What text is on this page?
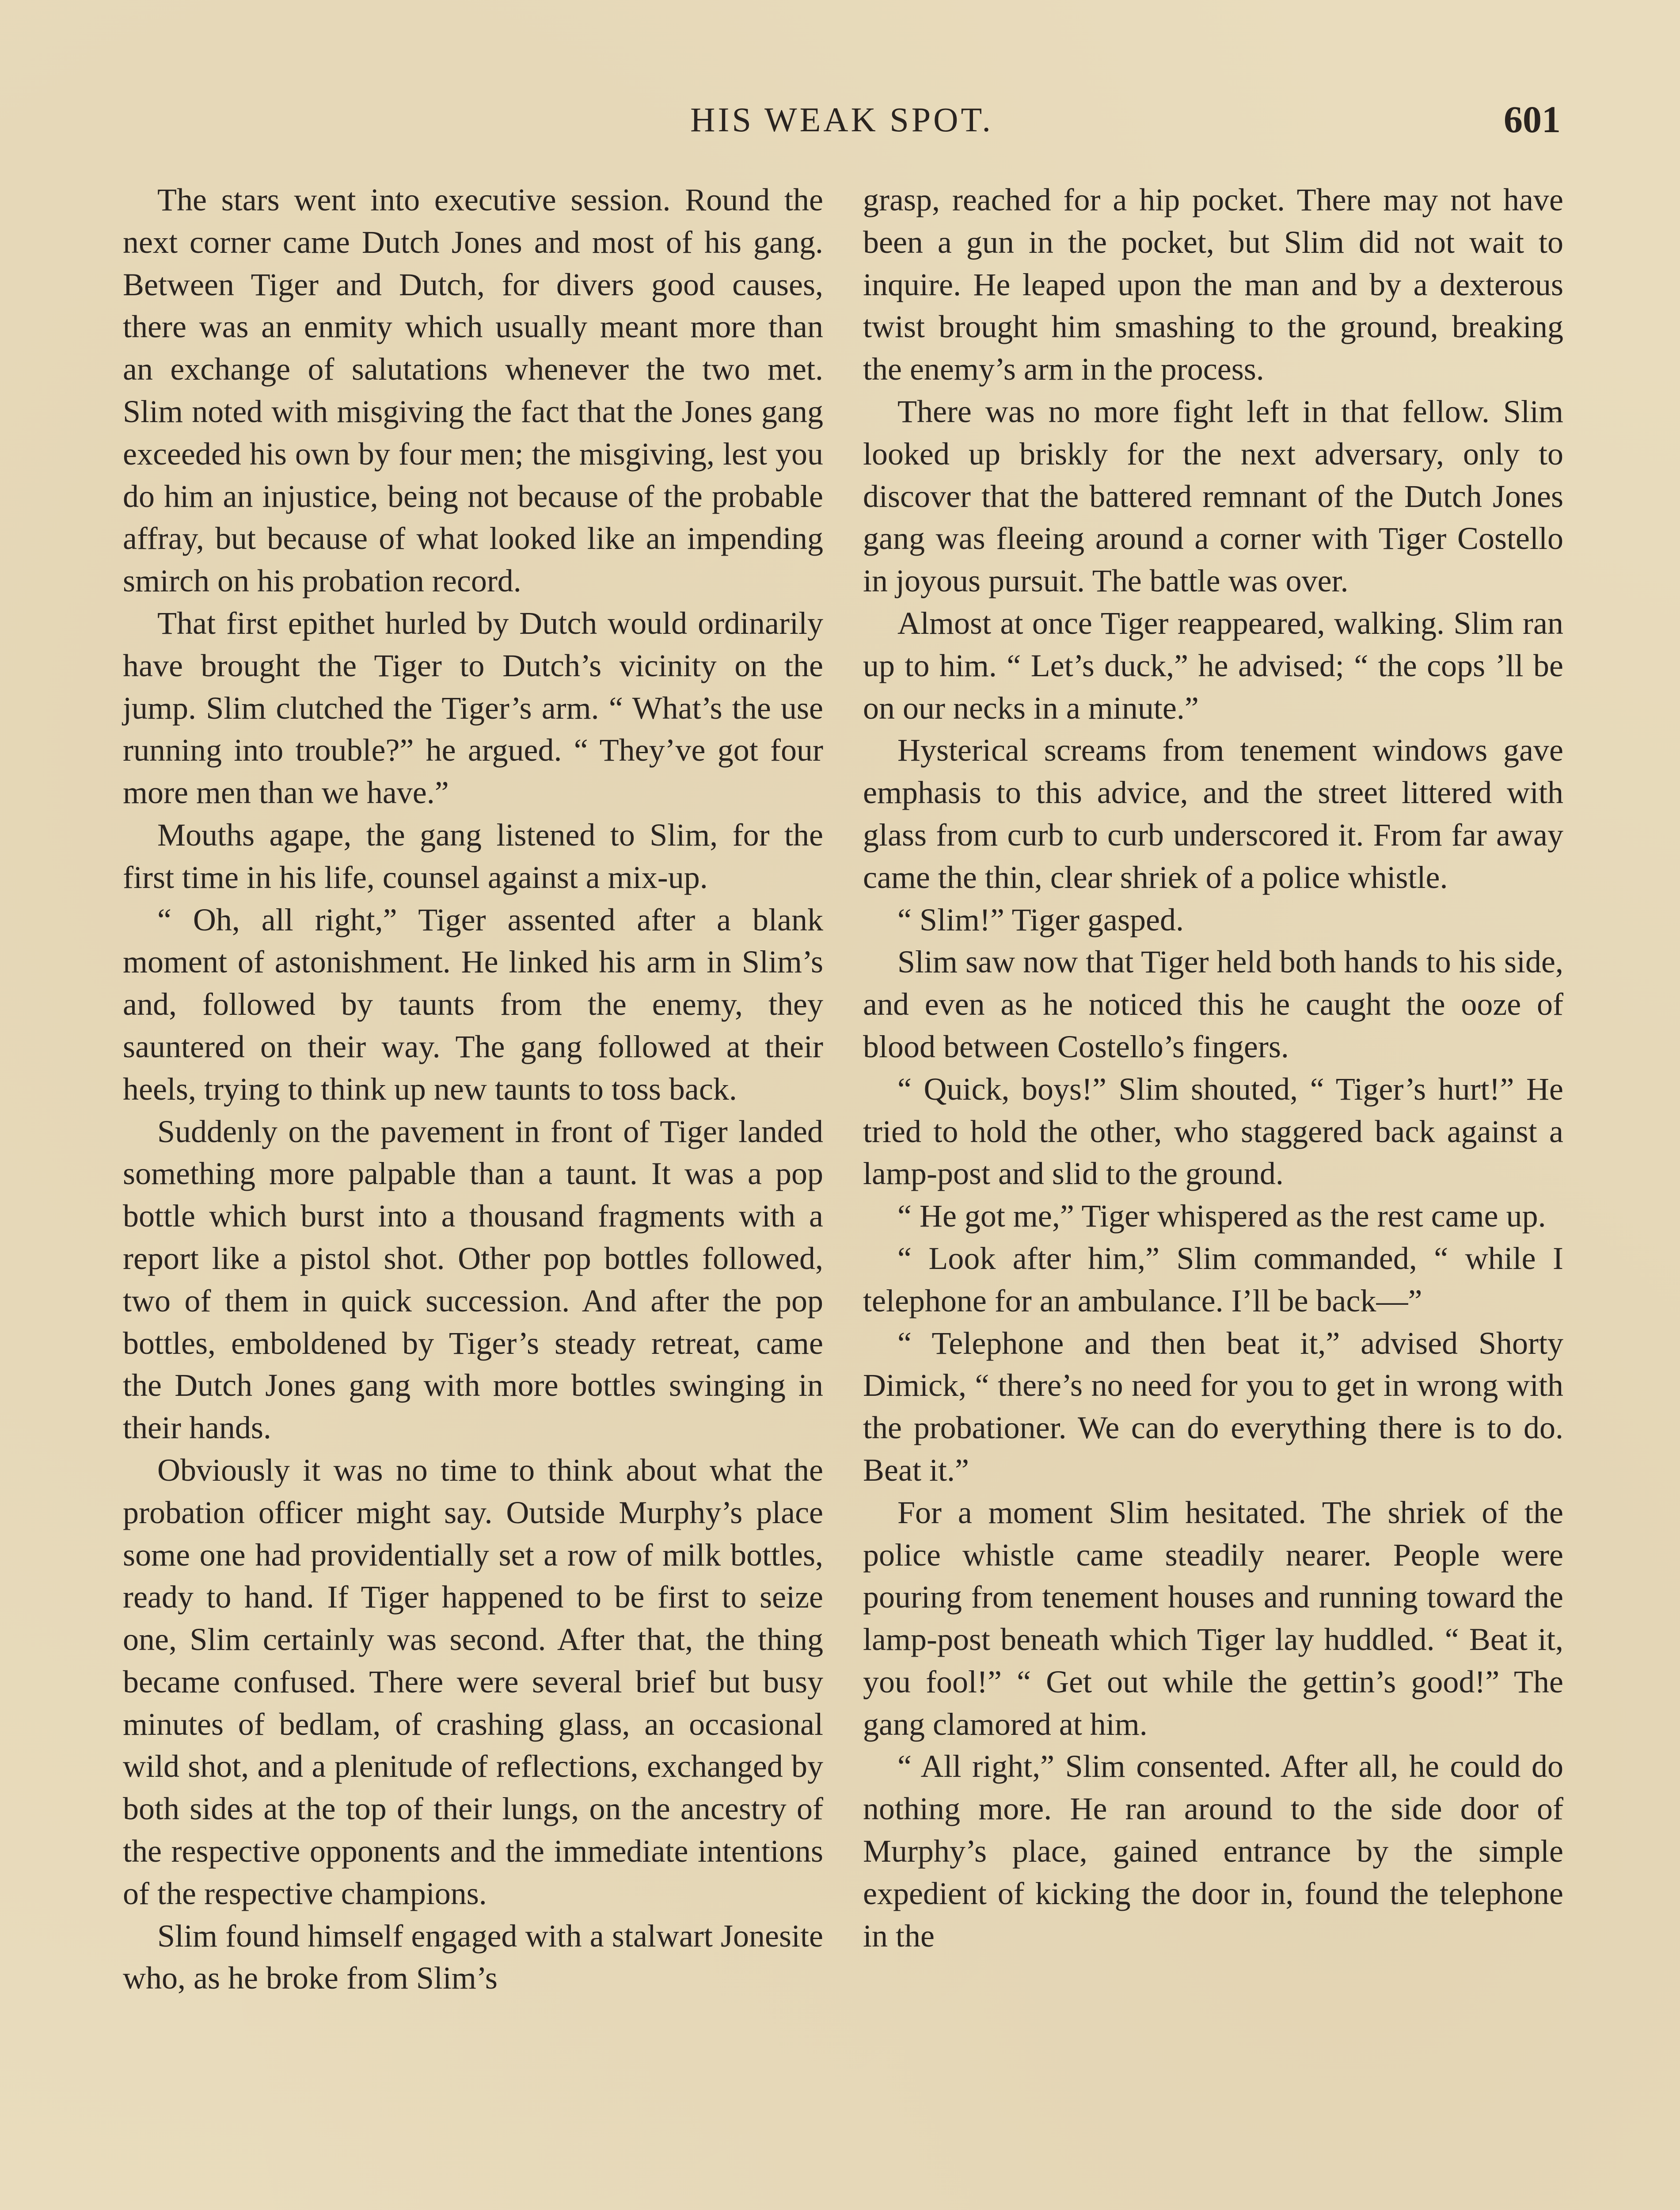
HIS WEAK SPOT.	601

The stars went into executive session. Round the next corner came Dutch Jones and most of his gang. Between Tiger and Dutch, for divers good causes, there was an enmity which usually meant more than an exchange of salutations whenever the two met. Slim noted with misgiving the fact that the Jones gang exceeded his own by four men; the misgiving, lest you do him an injustice, being not because of the probable affray, but because of what looked like an impending smirch on his probation record.

That first epithet hurled by Dutch would ordinarily have brought the Tiger to Dutch’s vicinity on the jump. Slim clutched the Tiger’s arm. “ What’s the use running into trouble?” he argued. “ They’ve got four more men than we have.”

Mouths agape, the gang listened to Slim, for the first time in his life, counsel against a mix-up.

“ Oh, all right,” Tiger assented after a blank moment of astonishment. He linked his arm in Slim’s and, followed by taunts from the enemy, they sauntered on their way. The gang followed at their heels, trying to think up new taunts to toss back.

Suddenly on the pavement in front of Tiger landed something more palpable than a taunt. It was a pop bottle which burst into a thousand fragments with a report like a pistol shot. Other pop bottles followed, two of them in quick succession. And after the pop bottles, emboldened by Tiger’s steady retreat, came the Dutch Jones gang with more bottles swinging in their hands.

Obviously it was no time to think about what the probation officer might say. Outside Murphy’s place some one had providentially set a row of milk bottles, ready to hand. If Tiger happened to be first to seize one, Slim certainly was second. After that, the thing became confused. There were several brief but busy minutes of bedlam, of crashing glass, an occasional wild shot, and a plenitude of reflections, exchanged by both sides at the top of their lungs, on the ancestry of the respective opponents and the immediate intentions of the respective champions.

Slim found himself engaged with a stalwart Jonesite who, as he broke from Slim’s

grasp, reached for a hip pocket. There may not have been a gun in the pocket, but Slim did not wait to inquire. He leaped upon the man and by a dexterous twist brought him smashing to the ground, breaking the enemy’s arm in the process.

There was no more fight left in that fellow. Slim looked up briskly for the next adversary, only to discover that the battered remnant of the Dutch Jones gang was fleeing around a corner with Tiger Costello in joyous pursuit. The battle was over.

Almost at once Tiger reappeared, walking. Slim ran up to him. “ Let’s duck,” he advised; “ the cops ’ll be on our necks in a minute.”

Hysterical screams from tenement windows gave emphasis to this advice, and the street littered with glass from curb to curb underscored it. From far away came the thin, clear shriek of a police whistle.

“ Slim!” Tiger gasped.

Slim saw now that Tiger held both hands to his side, and even as he noticed this he caught the ooze of blood between Costello’s fingers.

“ Quick, boys!” Slim shouted, “ Tiger’s hurt!” He tried to hold the other, who staggered back against a lamp-post and slid to the ground.

“ He got me,” Tiger whispered as the rest came up.

“ Look after him,” Slim commanded, “ while I telephone for an ambulance. I’ll be back—”

“ Telephone and then beat it,” advised Shorty Dimick, “ there’s no need for you to get in wrong with the probationer. We can do everything there is to do. Beat it.”

For a moment Slim hesitated. The shriek of the police whistle came steadily nearer. People were pouring from tenement houses and running toward the lamp-post beneath which Tiger lay huddled. “ Beat it, you fool!” “ Get out while the gettin’s good!” The gang clamored at him.

“ All right,” Slim consented. After all, he could do nothing more. He ran around to the side door of Murphy’s place, gained entrance by the simple expedient of kicking the door in, found the telephone in the
